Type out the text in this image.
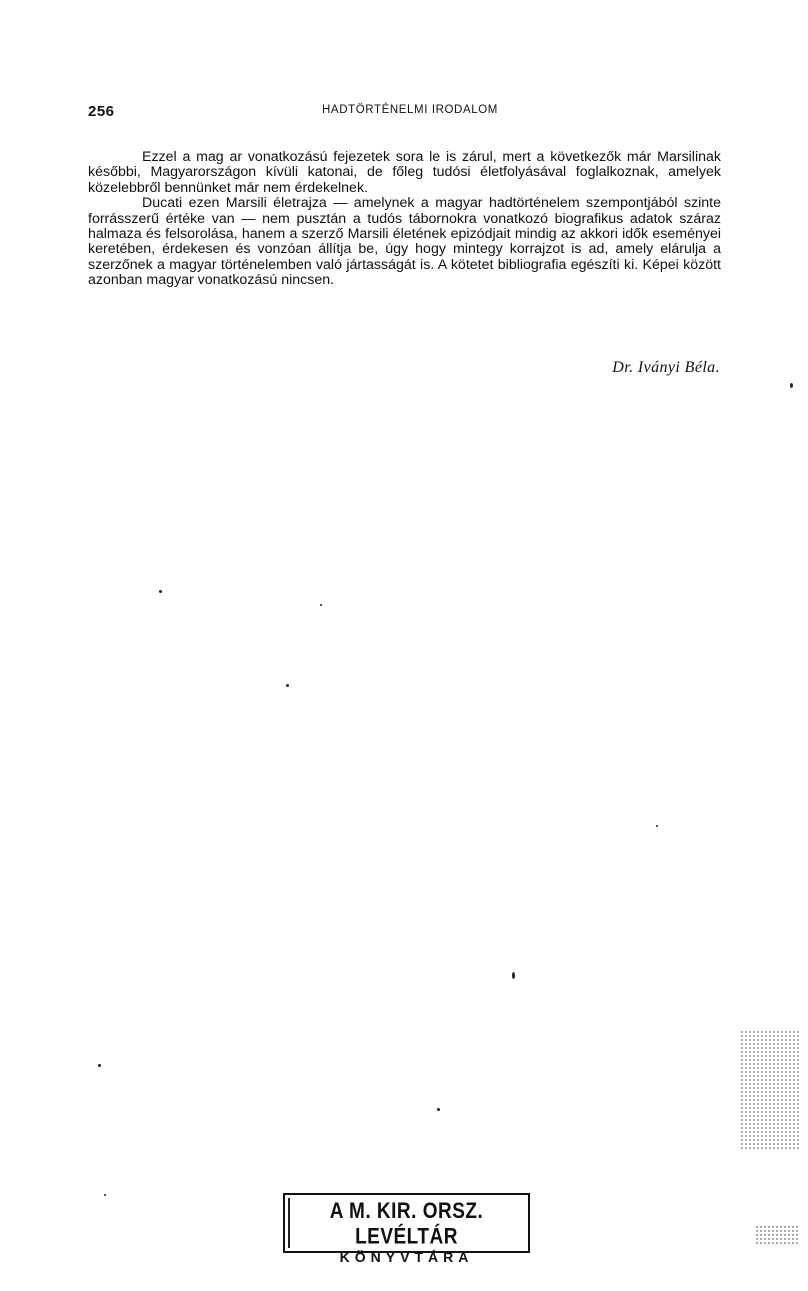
256	HADTÖRTÉNELMI IRODALOM

Ezzel a mag ar vonatkozású fejezetek sora le is zárul, mert a következők már Marsilinak későbbi, Magyarországon kívüli katonai, de főleg tudósi életfolyásával foglalkoznak, amelyek közelebbről bennünket már nem érdekelnek.

Ducati ezen Marsili életrajza — amelynek a magyar hadtörténelem szempontjából szinte forrásszerű értéke van — nem pusztán a tudós tábornokra vonatkozó biografikus adatok száraz halmaza és felsorolása, hanem a szerző Marsili életének epizódjait mindig az akkori idők eseményei keretében, érdekesen és vonzóan állítja be, úgy hogy mintegy korrajzot is ad, amely elárulja a szerzőnek a magyar történelemben való jártasságát is. A kötetet bibliografia egészíti ki. Képei között azonban magyar vonatkozású nincsen.

Dr. Iványi Béla.
A M. KIR. ORSZ. LEVÉLTÁR
KÖNYVTÁRA
